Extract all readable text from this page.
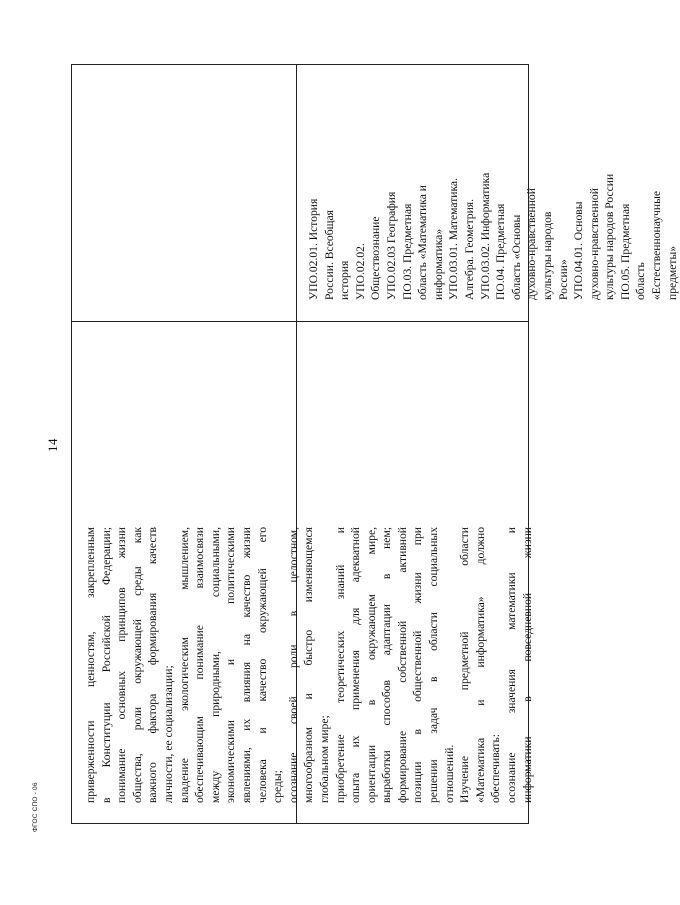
приверженности ценностям, закрепленным в Конституции Российской Федерации; понимание основных принципов жизни общества, роли окружающей среды как важного фактора формирования качеств личности, ее социализации; владение экологическим мышлением, обеспечивающим понимание взаимосвязи между природными, социальными, экономическими и политическими явлениями, их влияния на качество жизни человека и качество окружающей его среды; осознание своей роли в целостном, многообразном и быстро изменяющемся глобальном мире; приобретение теоретических знаний и опыта их применения для адекватной ориентации в окружающем мире, выработки способов адаптации в нем; формирование собственной активной позиции в общественной жизни при решении задач в области социальных отношений. Изучение предметной области «Математика и информатика» должно обеспечивать: осознание значения математики и информатики в повседневной жизни
УПО.02.01. История России. Всеобщая история УПО.02.02. Обществознание УПО.02.03 География ПО.03. Предметная область «Математика и информатика» УПО.03.01. Математика. Алгебра. Геометрия. УПО.03.02. Информатика ПО.04. Предметная область «Основы духовно-нравственной культуры народов России» УПО.04.01. Основы духовно-нравственной культуры народов России ПО.05. Предметная область «Естественнонаучные предметы»
14
ФГОС СПО - 06
